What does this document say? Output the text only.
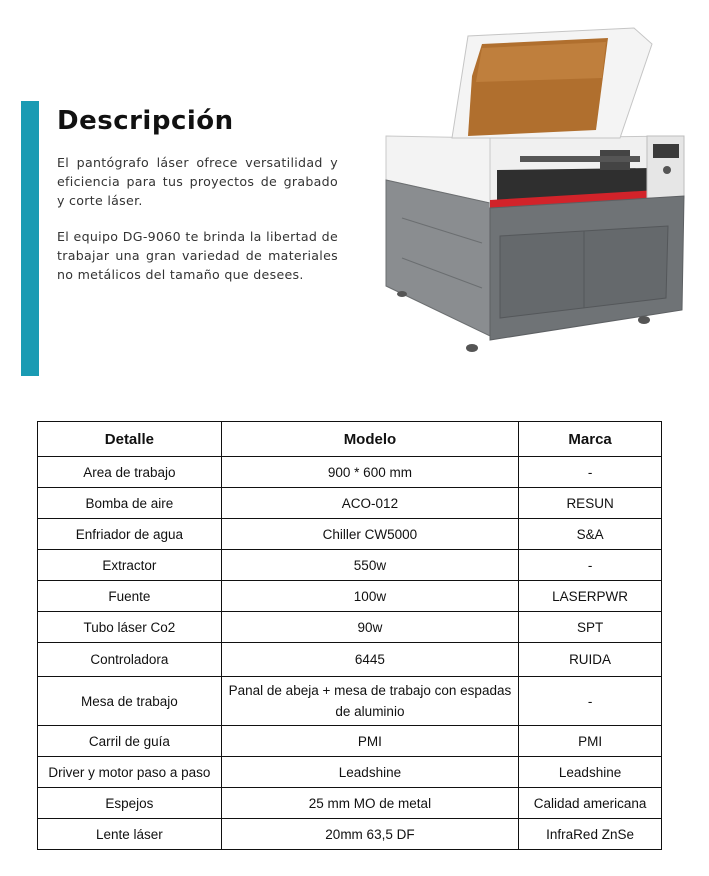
Descripción

El pantógrafo láser ofrece versatilidad y eficiencia para tus proyectos de grabado y corte láser.

El equipo DG-9060 te brinda la libertad de trabajar una gran variedad de materiales no metálicos del tamaño que desees.

Detalle	Modelo	Marca
Area de trabajo	900 * 600 mm	-
Bomba de aire	ACO-012	RESUN
Enfriador de agua	Chiller CW5000	S&A
Extractor	550w	-
Fuente	100w	LASERPWR
Tubo láser Co2	90w	SPT
Controladora	6445	RUIDA
Mesa de trabajo	Panal de abeja + mesa de trabajo con espadas de aluminio	-
Carril de guía	PMI	PMI
Driver y motor paso a paso	Leadshine	Leadshine
Espejos	25 mm MO de metal	Calidad americana
Lente láser	20mm 63,5 DF	InfraRed ZnSe
